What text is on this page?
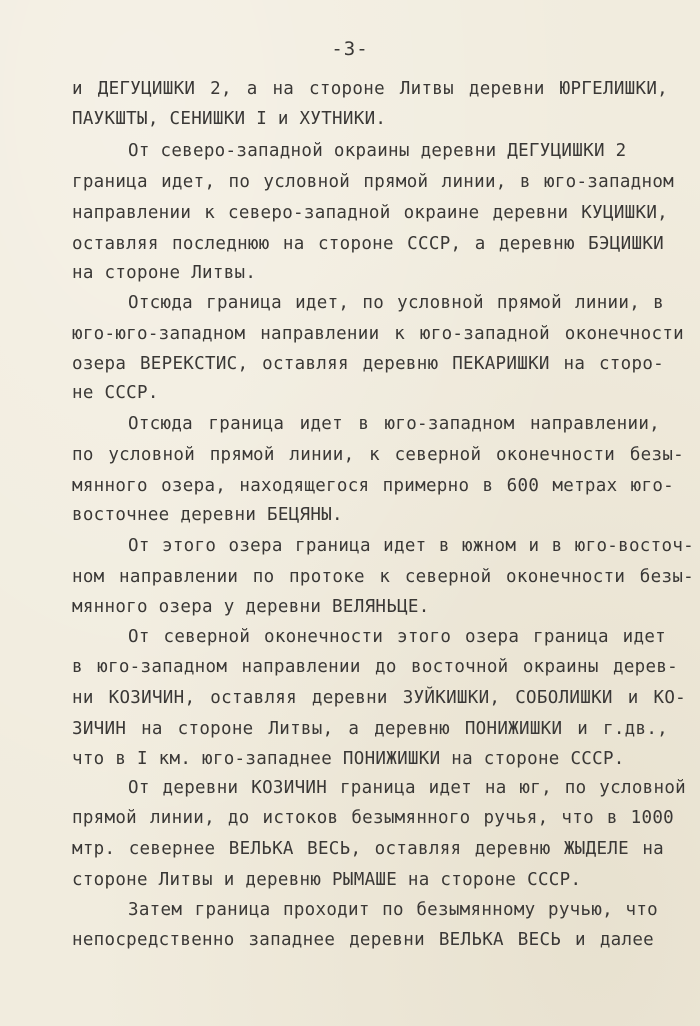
-3-
и ДЕГУЦИШКИ 2, а на стороне Литвы деревни ЮРГЕЛИШКИ,
ПАУКШТЫ, СЕНИШКИ I и ХУТНИКИ.
От северо-западной окраины деревни ДЕГУЦИШКИ 2
граница идет, по условной прямой линии, в юго-западном
направлении к северо-западной окраине деревни КУЦИШКИ,
оставляя последнюю на стороне СССР, а деревню БЭЦИШКИ
на стороне Литвы.
Отсюда граница идет, по условной прямой линии, в
юго-юго-западном направлении к юго-западной оконечности
озера ВЕРЕКСТИС, оставляя деревню ПЕКАРИШКИ на сторо-
не СССР.
Отсюда граница идет в юго-западном направлении,
по условной прямой линии, к северной оконечности безы-
мянного озера, находящегося примерно в 600 метрах юго-
восточнее деревни БЕЦЯНЫ.
От этого озера граница идет в южном и в юго-восточ-
ном направлении по протоке к северной оконечности безы-
мянного озера у деревни ВЕЛЯНЬЦЕ.
От северной оконечности этого озера граница идет
в юго-западном направлении до восточной окраины дерев-
ни КОЗИЧИН, оставляя деревни ЗУЙКИШКИ, СОБОЛИШКИ и КО-
ЗИЧИН на стороне Литвы, а деревню ПОНИЖИШКИ и г.дв.,
что в I км. юго-западнее ПОНИЖИШКИ на стороне СССР.
От деревни КОЗИЧИН граница идет на юг, по условной
прямой линии, до истоков безымянного ручья, что в 1000
мтр. севернее ВЕЛЬКА ВЕСЬ, оставляя деревню ЖЫДЕЛЕ на
стороне Литвы и деревню РЫМАШЕ на стороне СССР.
Затем граница проходит по безымянному ручью, что
непосредственно западнее деревни ВЕЛЬКА ВЕСЬ и далее
